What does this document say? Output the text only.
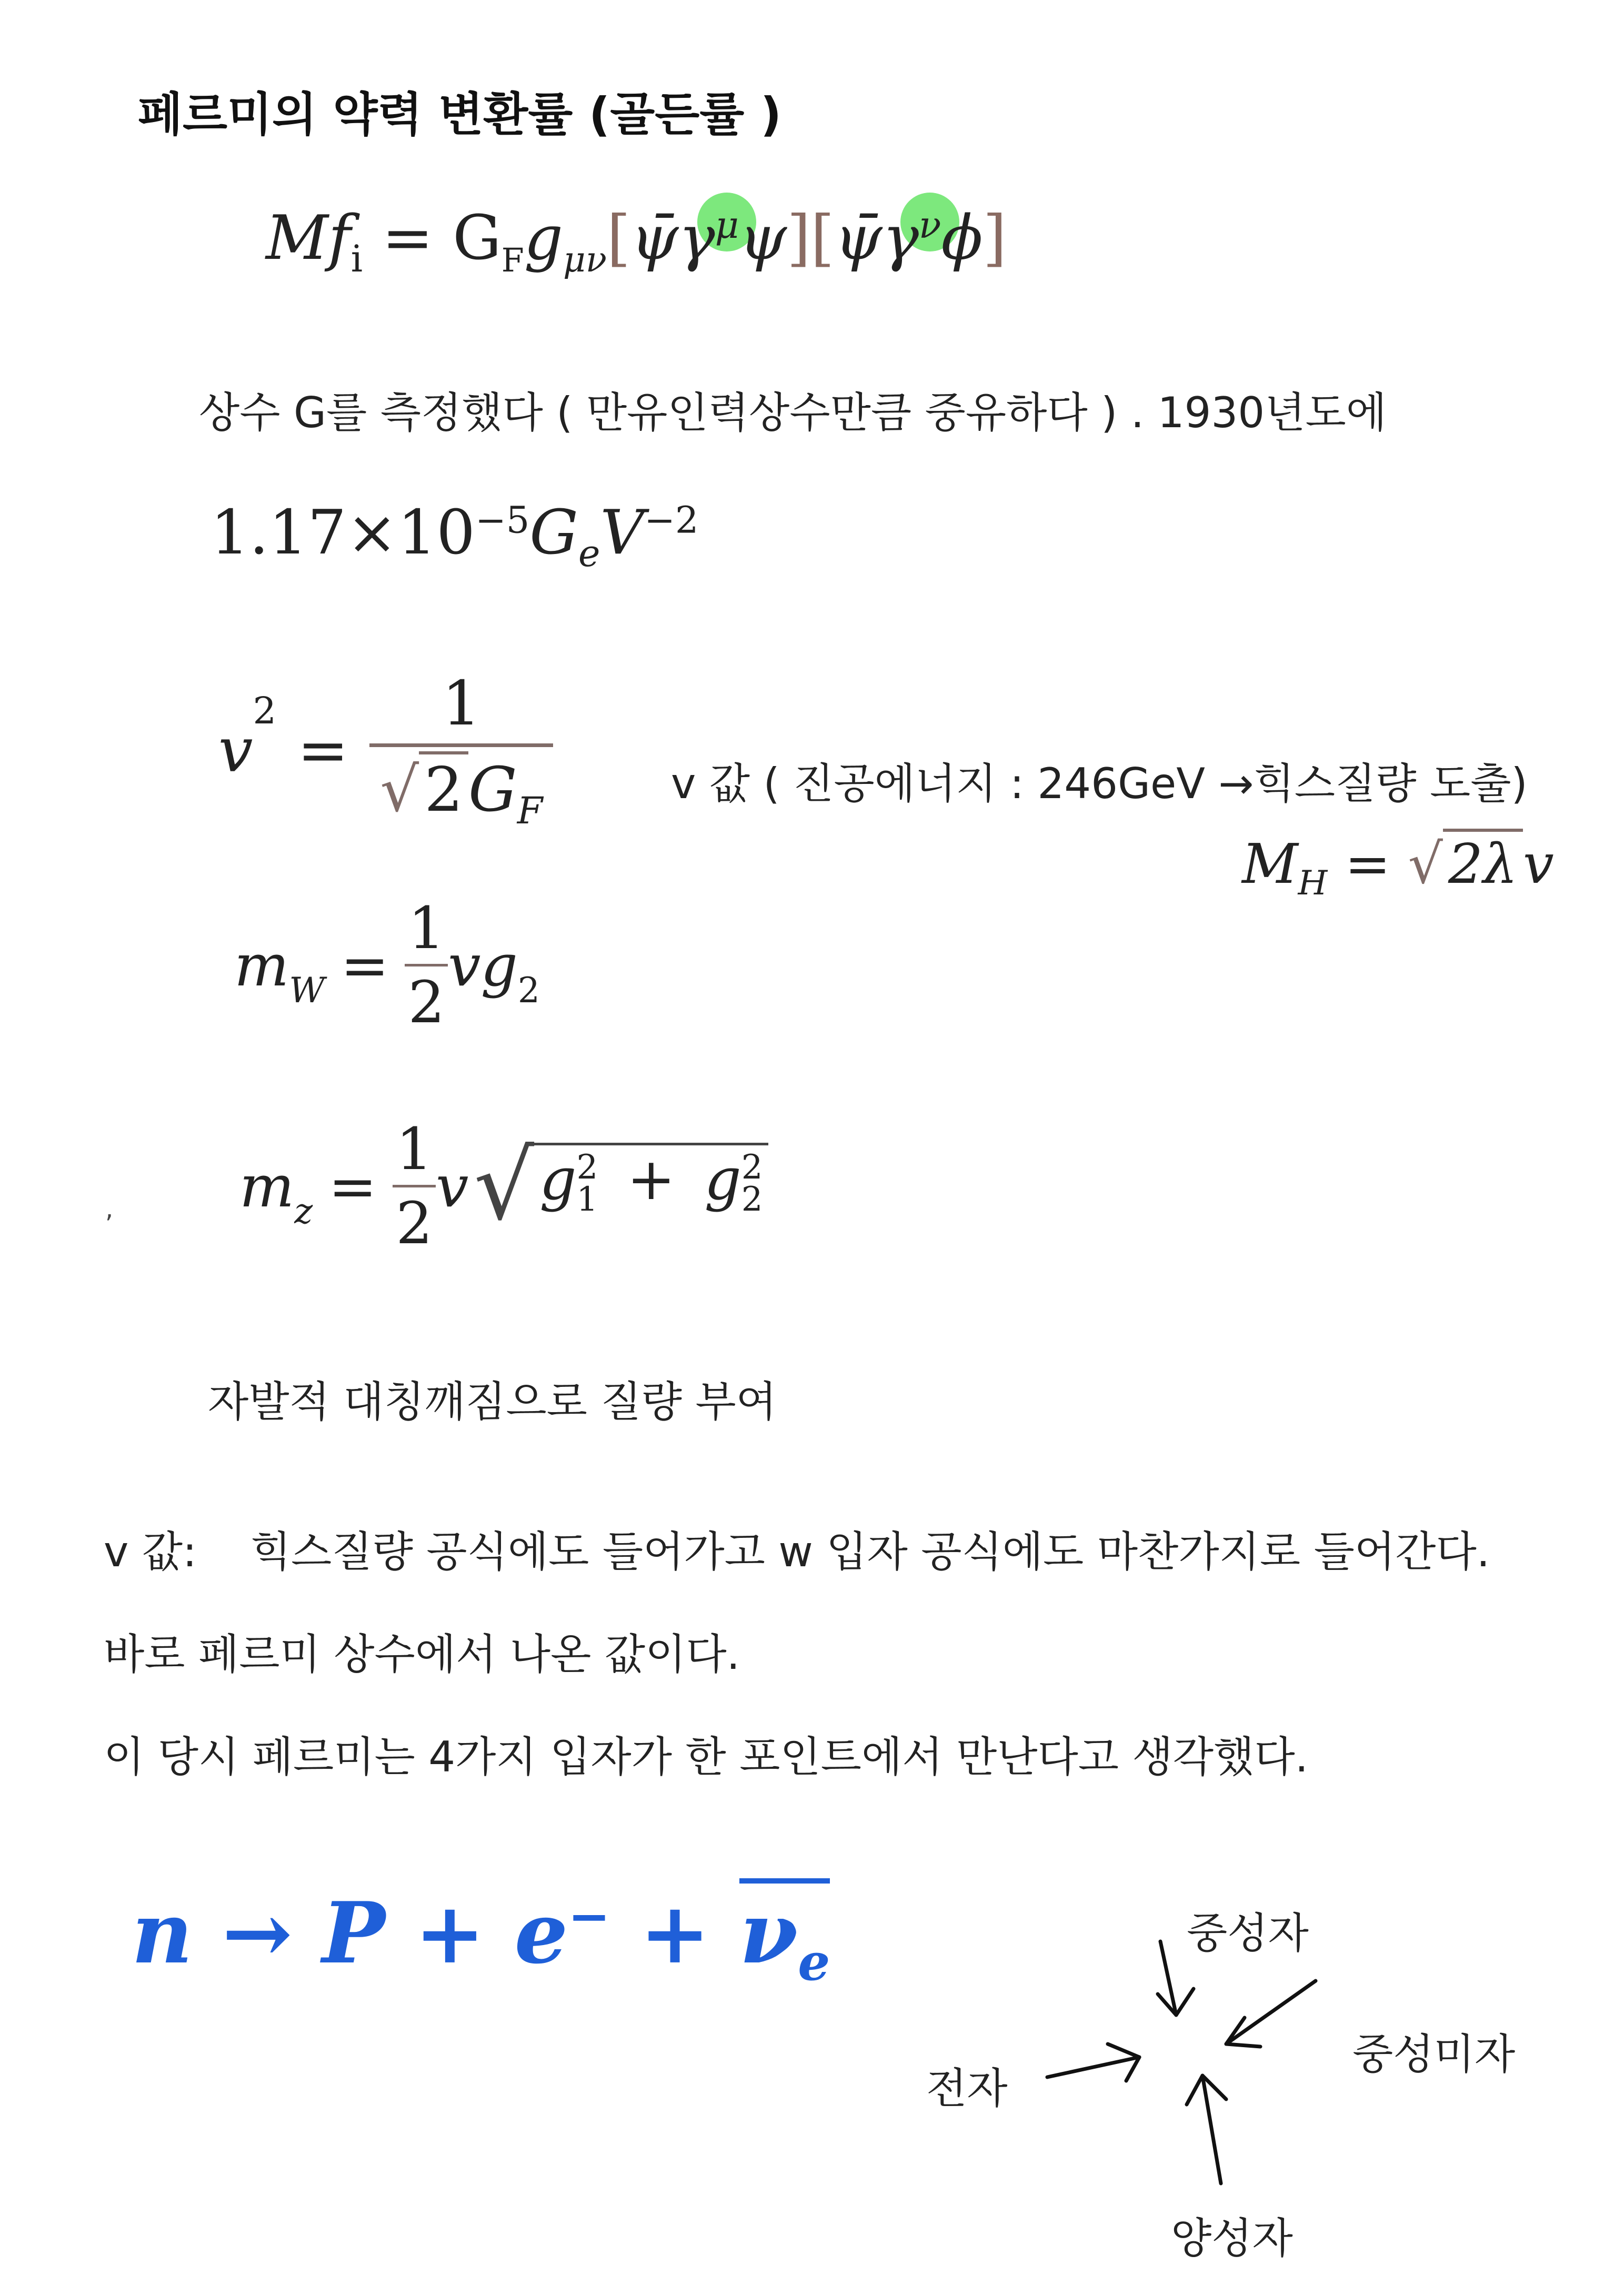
페르미의 약력 변환률 (골든률 )
$Mf_i$ = $G_Fg_{\mu\nu}[\psī\gamma^\mu\psi][\psī\gamma^\nu\phi]$
상수 G를 측정했다 ( 만유인력상수만큼 중유하다 ) . 1930년도에
$1.17\times 10^{-5}G_eV^{-2}$
v
$^2$
=
1
$√2G_F$
v 값 ( 진공에너지 : 246GeV →힉스질량 도출)
$M_H = √2\lambda v$
$m_W$ =
1
2
$vg_2$
, $m_z$ =
1
2
v √ g 2
1 + g 2
2
자발적 대칭깨짐으로 질량 부여
v 값:    힉스질량 공식에도 들어가고 w 입자 공식에도 마찬가지로 들어간다.
바로 페르미 상수에서 나온 값이다.
이 당시 페르미는 4가지 입자가 한 포인트에서 만난다고 생각했다.
$n \to P + e^- + \nu_e$	중성자
중성미자
전자
양성자
